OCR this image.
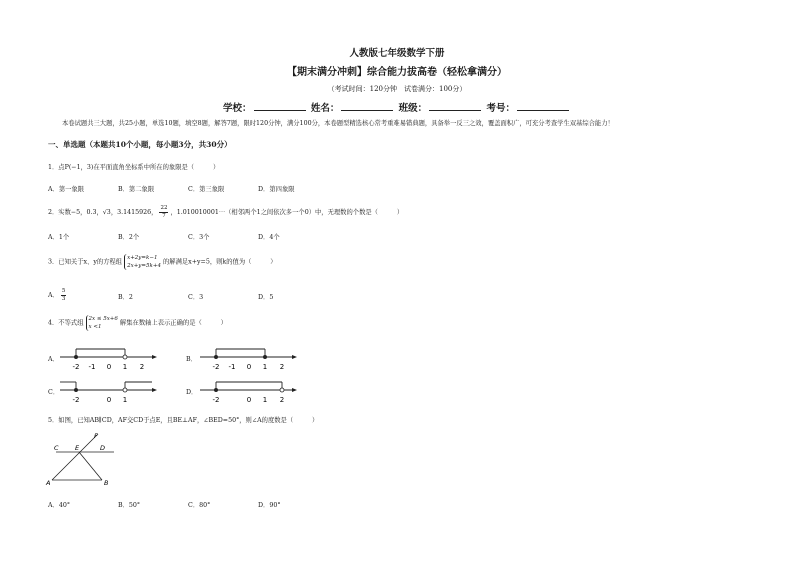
人教版七年级数学下册
【期末满分冲刺】综合能力拔高卷（轻松拿满分）
（考试时间：120分钟　试卷满分：100分）
学校：	姓名：	班级：	考号：
本卷试题共三大题，共25小题，单选10题，填空8题，解答7题，限时120分钟，满分100分，本卷题型精选核心常考重难易错典题，具备举一反三之效，覆盖面积广，可充分考查学生双基综合能力！
一、单选题（本题共10个小题，每小题3分，共30分）
1．点P(−1，3)在平面直角坐标系中所在的象限是（　　　）
A．第一象限	B．第二象限	C．第三象限	D．第四象限
2．实数−5，0.3，√3，3.1415926， $\frac{22}{7}$ ，1.010010001⋯（相邻两个1之间依次多一个0）中，无理数的个数是（　　　）
A．1个	B．2个	C．3个	D．4个
3．已知关于x、y的方程组
x+2y=k−1
2x+y=5k+4
的解满足x+y=5，则k的值为（　　　）
A． $\frac{5}{3}$	B．2	C．3	D．5
4．不等式组
2x ≤ 5x+6
x <1
解集在数轴上表示正确的是（　　　）
A．	B．
C．	D．
-2 -1 0 1 2	-2 -1 0 1 2
-2	0 1	-2	0 1 2
5．如图，已知AB∥CD，AF交CD于点E，且BE⊥AF，∠BED=50°，则∠A的度数是（　　　）
F
C	E	D
A	B
A．40°	B．50°	C．80°	D．90°
